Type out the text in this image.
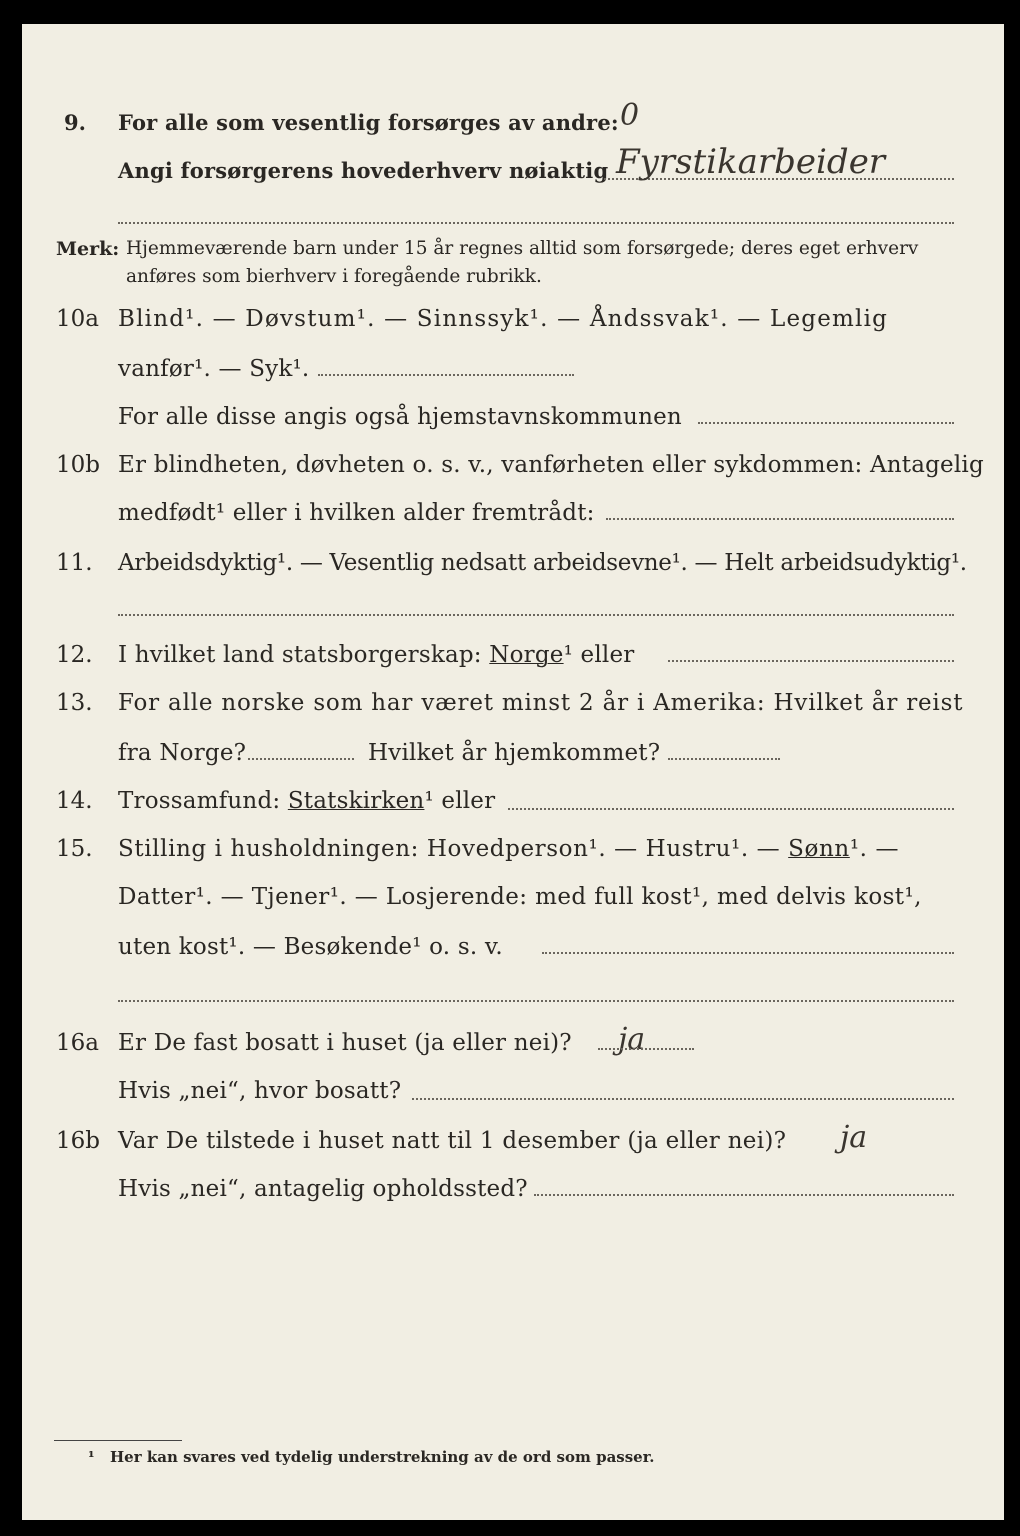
9. For alle som vesentlig forsørges av andre: 0
Angi forsørgerens hovederhverv nøiaktig Fyrstikarbeider
Merk: Hjemmeværende barn under 15 år regnes alltid som forsørgede; deres eget erhverv
anføres som bierhverv i foregående rubrikk.
10a Blind¹. — Døvstum¹. — Sinnssyk¹. — Åndssvak¹. — Legemlig
vanfør¹. — Syk¹.
For alle disse angis også hjemstavnskommunen
10b Er blindheten, døvheten o. s. v., vanførheten eller sykdommen: Antagelig
medfødt¹ eller i hvilken alder fremtrådt:
11. Arbeidsdyktig¹. — Vesentlig nedsatt arbeidsevne¹. — Helt arbeidsudyktig¹.
12. I hvilket land statsborgerskap: Norge¹ eller
13. For alle norske som har været minst 2 år i Amerika: Hvilket år reist
fra Norge?	Hvilket år hjemkommet?
14. Trossamfund: Statskirken¹ eller
15. Stilling i husholdningen: Hovedperson¹. — Hustru¹. — Sønn¹. —
Datter¹. — Tjener¹. — Losjerende: med full kost¹, med delvis kost¹,
uten kost¹. — Besøkende¹ o. s. v.
16a Er De fast bosatt i huset (ja eller nei)? ja
Hvis „nei“, hvor bosatt?
16b Var De tilstede i huset natt til 1 desember (ja eller nei)? ja
Hvis „nei“, antagelig opholdssted?
¹ Her kan svares ved tydelig understrekning av de ord som passer.
